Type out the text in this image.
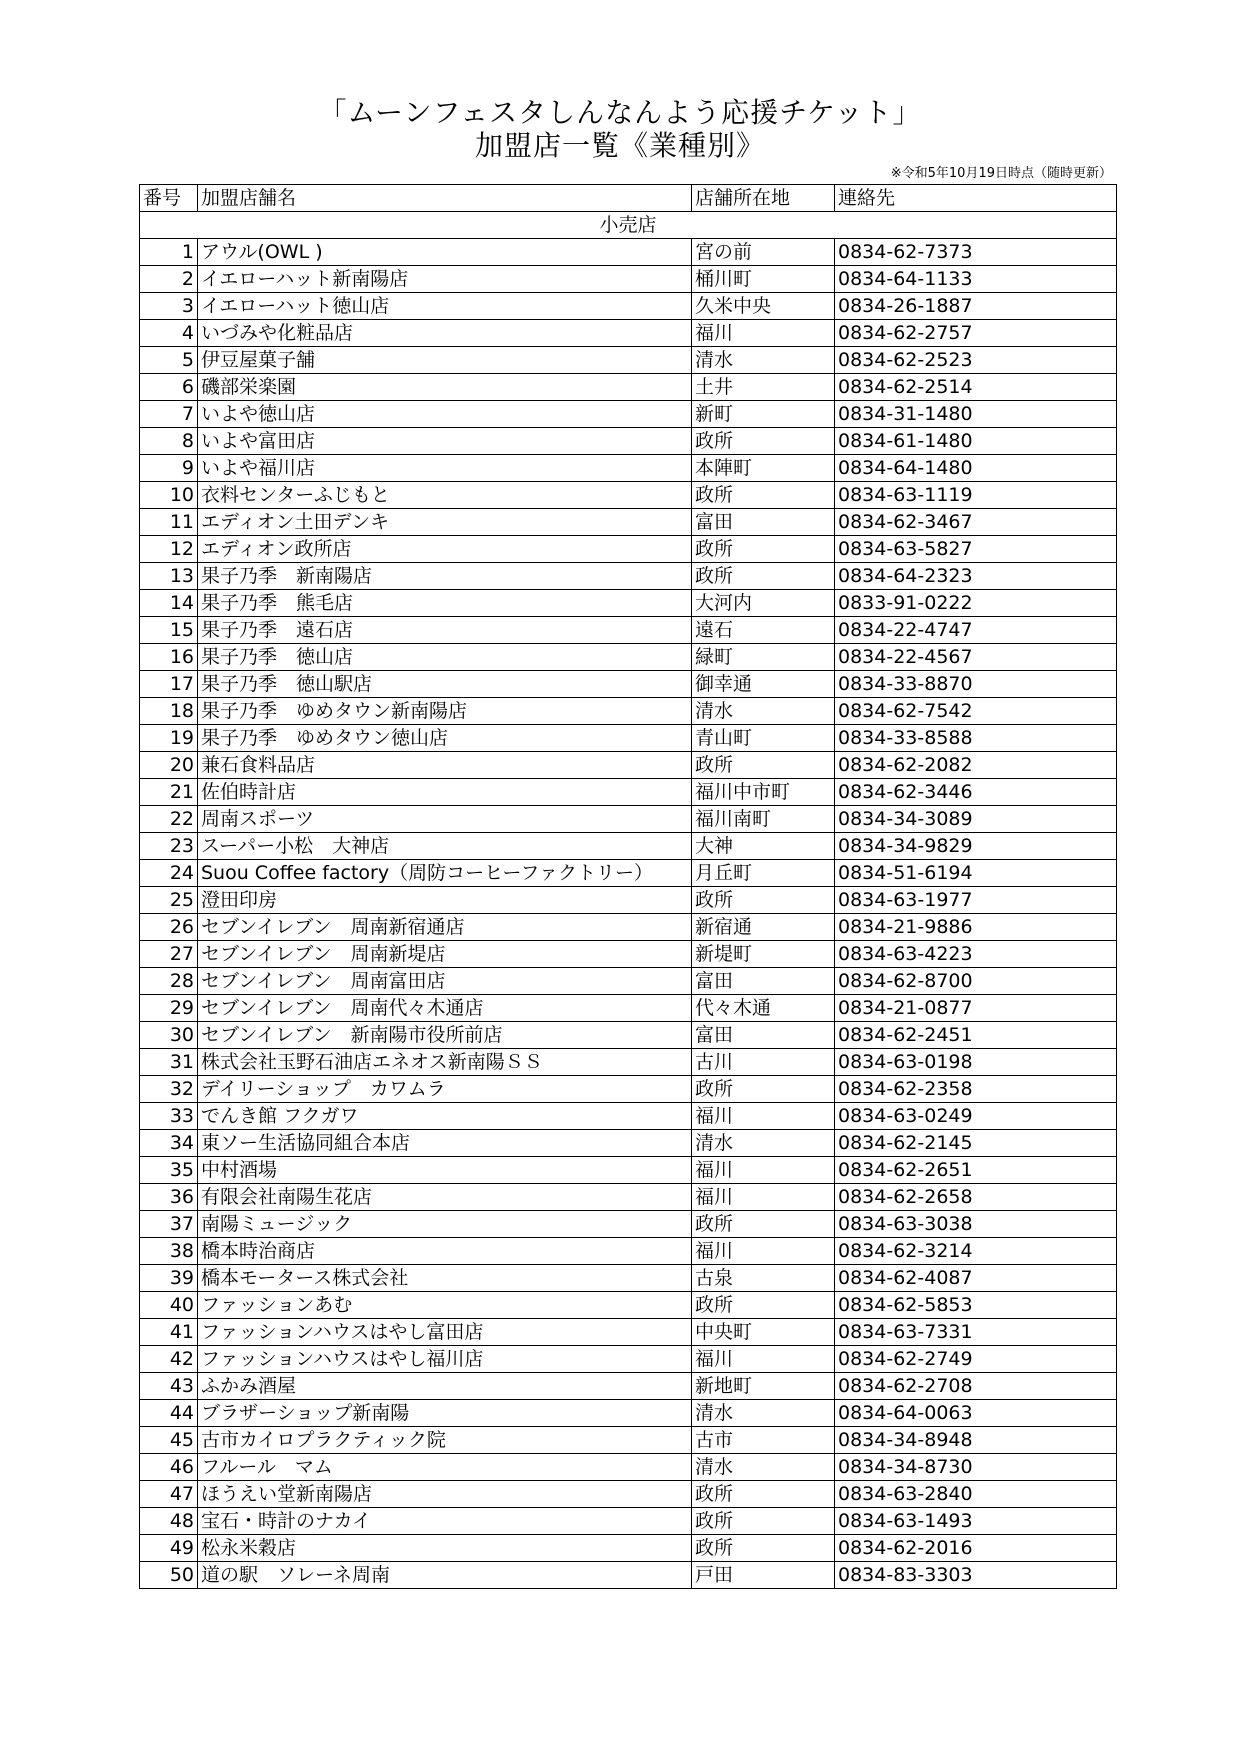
「ムーンフェスタしんなんよう応援チケット」
加盟店一覧《業種別》
※令和5年10月19日時点（随時更新）
番号	加盟店舗名	店舗所在地	連絡先
小売店			
1	アウル(OWL )	宮の前	0834-62-7373
2	イエローハット新南陽店	桶川町	0834-64-1133
3	イエローハット徳山店	久米中央	0834-26-1887
4	いづみや化粧品店	福川	0834-62-2757
5	伊豆屋菓子舗	清水	0834-62-2523
6	磯部栄楽園	土井	0834-62-2514
7	いよや徳山店	新町	0834-31-1480
8	いよや富田店	政所	0834-61-1480
9	いよや福川店	本陣町	0834-64-1480
10	衣料センターふじもと	政所	0834-63-1119
11	エディオン土田デンキ	富田	0834-62-3467
12	エディオン政所店	政所	0834-63-5827
13	果子乃季　新南陽店	政所	0834-64-2323
14	果子乃季　熊毛店	大河内	0833-91-0222
15	果子乃季　遠石店	遠石	0834-22-4747
16	果子乃季　徳山店	緑町	0834-22-4567
17	果子乃季　徳山駅店	御幸通	0834-33-8870
18	果子乃季　ゆめタウン新南陽店	清水	0834-62-7542
19	果子乃季　ゆめタウン徳山店	青山町	0834-33-8588
20	兼石食料品店	政所	0834-62-2082
21	佐伯時計店	福川中市町	0834-62-3446
22	周南スポーツ	福川南町	0834-34-3089
23	スーパー小松　大神店	大神	0834-34-9829
24	Suou Coffee factory（周防コーヒーファクトリー）	月丘町	0834-51-6194
25	澄田印房	政所	0834-63-1977
26	セブンイレブン　周南新宿通店	新宿通	0834-21-9886
27	セブンイレブン　周南新堤店	新堤町	0834-63-4223
28	セブンイレブン　周南富田店	富田	0834-62-8700
29	セブンイレブン　周南代々木通店	代々木通	0834-21-0877
30	セブンイレブン　新南陽市役所前店	富田	0834-62-2451
31	株式会社玉野石油店エネオス新南陽ＳＳ	古川	0834-63-0198
32	デイリーショップ　カワムラ	政所	0834-62-2358
33	でんき館 フクガワ	福川	0834-63-0249
34	東ソー生活協同組合本店	清水	0834-62-2145
35	中村酒場	福川	0834-62-2651
36	有限会社南陽生花店	福川	0834-62-2658
37	南陽ミュージック	政所	0834-63-3038
38	橋本時治商店	福川	0834-62-3214
39	橋本モータース株式会社	古泉	0834-62-4087
40	ファッションあむ	政所	0834-62-5853
41	ファッションハウスはやし富田店	中央町	0834-63-7331
42	ファッションハウスはやし福川店	福川	0834-62-2749
43	ふかみ酒屋	新地町	0834-62-2708
44	ブラザーショップ新南陽	清水	0834-64-0063
45	古市カイロプラクティック院	古市	0834-34-8948
46	フルール　マム	清水	0834-34-8730
47	ほうえい堂新南陽店	政所	0834-63-2840
48	宝石・時計のナカイ	政所	0834-63-1493
49	松永米穀店	政所	0834-62-2016
50	道の駅　ソレーネ周南	戸田	0834-83-3303
